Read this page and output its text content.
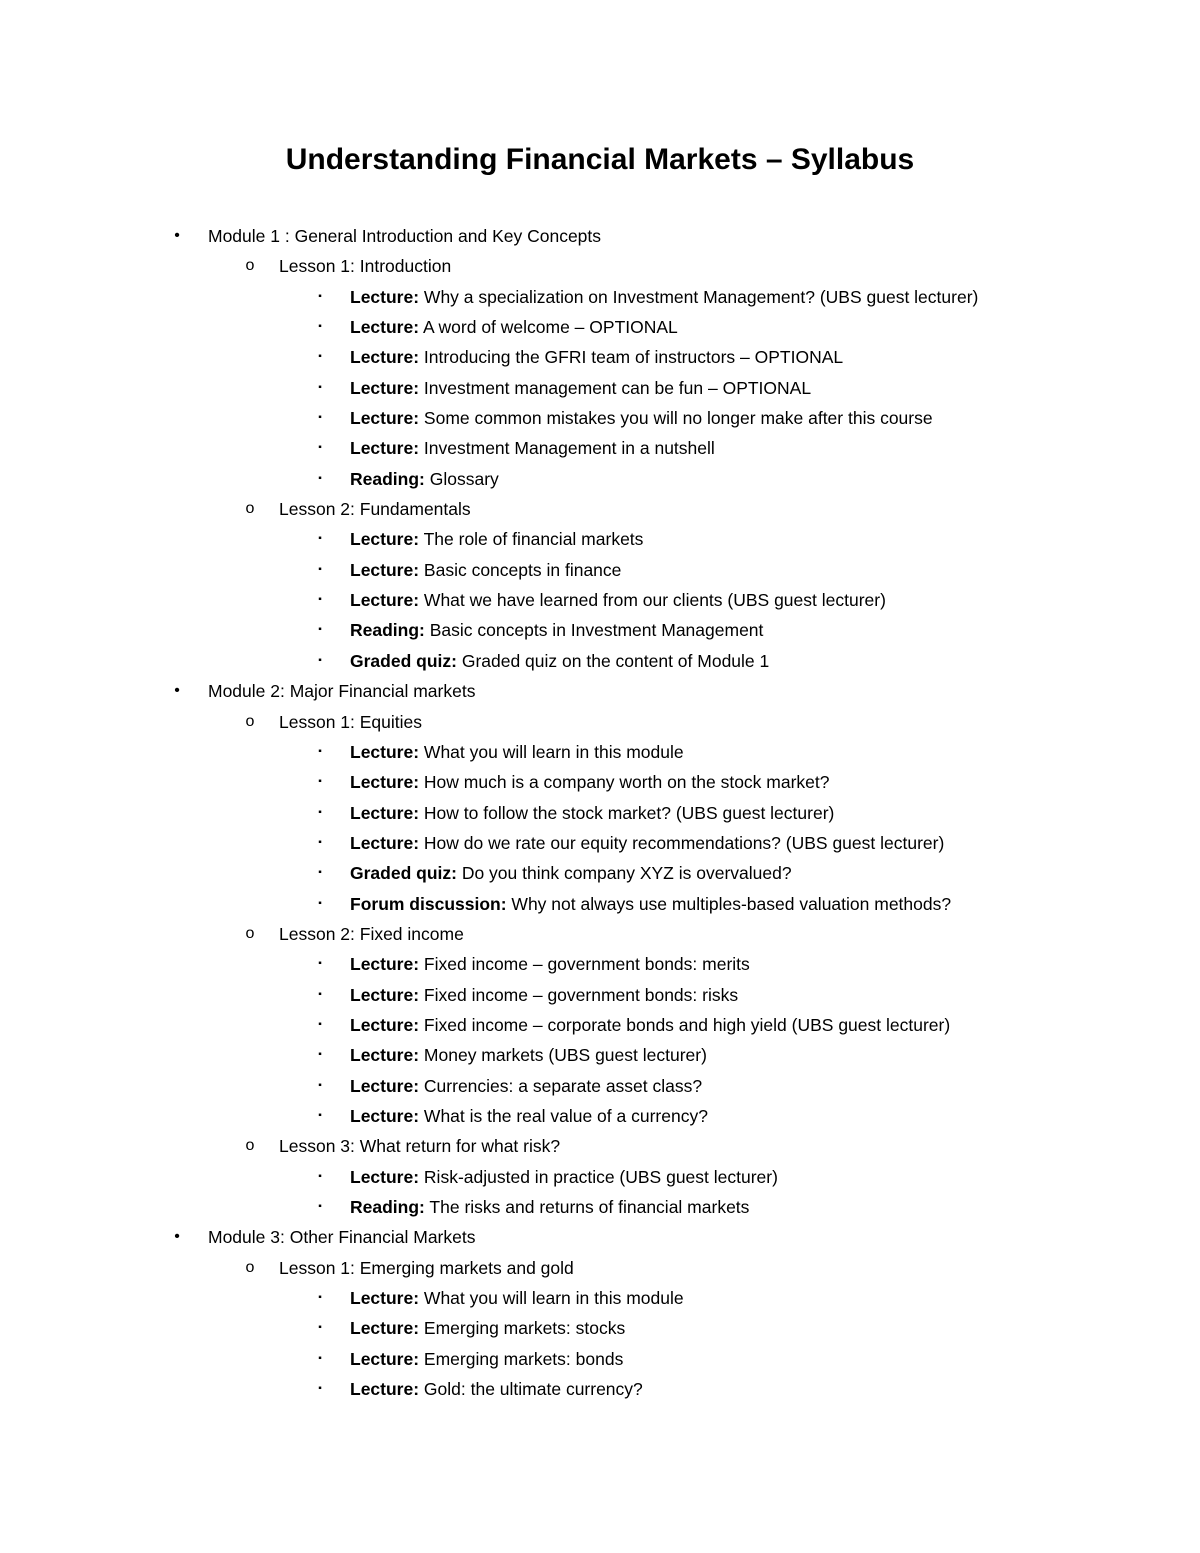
Understanding Financial Markets – Syllabus
•	Module 1 : General Introduction and Key Concepts
o	Lesson 1: Introduction
▪	Lecture: Why a specialization on Investment Management? (UBS guest lecturer)
▪	Lecture: A word of welcome – OPTIONAL
▪	Lecture: Introducing the GFRI team of instructors – OPTIONAL
▪	Lecture: Investment management can be fun – OPTIONAL
▪	Lecture: Some common mistakes you will no longer make after this course
▪	Lecture: Investment Management in a nutshell
▪	Reading: Glossary
o	Lesson 2: Fundamentals
▪	Lecture: The role of financial markets
▪	Lecture: Basic concepts in finance
▪	Lecture: What we have learned from our clients (UBS guest lecturer)
▪	Reading: Basic concepts in Investment Management
▪	Graded quiz: Graded quiz on the content of Module 1
•	Module 2: Major Financial markets
o	Lesson 1: Equities
▪	Lecture: What you will learn in this module
▪	Lecture: How much is a company worth on the stock market?
▪	Lecture: How to follow the stock market? (UBS guest lecturer)
▪	Lecture: How do we rate our equity recommendations? (UBS guest lecturer)
▪	Graded quiz: Do you think company XYZ is overvalued?
▪	Forum discussion: Why not always use multiples-based valuation methods?
o	Lesson 2: Fixed income
▪	Lecture: Fixed income – government bonds: merits
▪	Lecture: Fixed income – government bonds: risks
▪	Lecture: Fixed income – corporate bonds and high yield (UBS guest lecturer)
▪	Lecture: Money markets (UBS guest lecturer)
▪	Lecture: Currencies: a separate asset class?
▪	Lecture: What is the real value of a currency?
o	Lesson 3: What return for what risk?
▪	Lecture: Risk-adjusted in practice (UBS guest lecturer)
▪	Reading: The risks and returns of financial markets
•	Module 3: Other Financial Markets
o	Lesson 1: Emerging markets and gold
▪	Lecture: What you will learn in this module
▪	Lecture: Emerging markets: stocks
▪	Lecture: Emerging markets: bonds
▪	Lecture: Gold: the ultimate currency?
